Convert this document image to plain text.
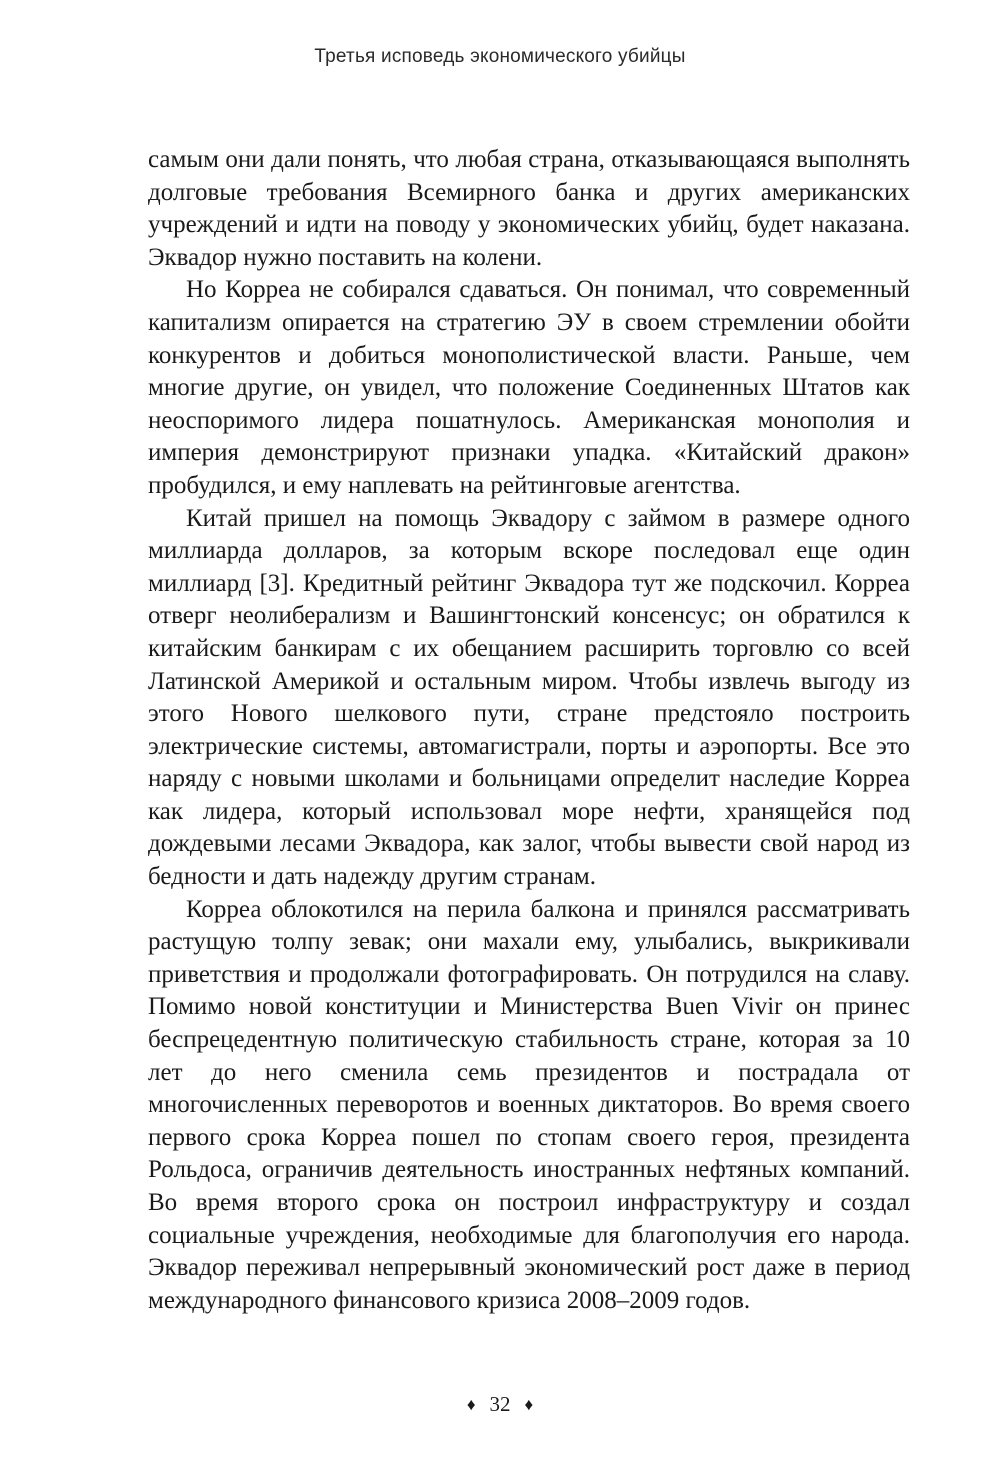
Третья исповедь экономического убийцы

самым они дали понять, что любая страна, отказывающаяся выполнять долговые требования Всемирного банка и других американских учреждений и идти на поводу у экономических убийц, будет наказана. Эквадор нужно поставить на колени.

Но Корреа не собирался сдаваться. Он понимал, что современный капитализм опирается на стратегию ЭУ в своем стремлении обойти конкурентов и добиться монополистической власти. Раньше, чем многие другие, он увидел, что положение Соединенных Штатов как неоспоримого лидера пошатнулось. Американская монополия и империя демонстрируют признаки упадка. «Китайский дракон» пробудился, и ему наплевать на рейтинговые агентства.

Китай пришел на помощь Эквадору с займом в размере одного миллиарда долларов, за которым вскоре последовал еще один миллиард [3]. Кредитный рейтинг Эквадора тут же подскочил. Корреа отверг неолиберализм и Вашингтонский консенсус; он обратился к китайским банкирам с их обещанием расширить торговлю со всей Латинской Америкой и остальным миром. Чтобы извлечь выгоду из этого Нового шелкового пути, стране предстояло построить электрические системы, автомагистрали, порты и аэропорты. Все это наряду с новыми школами и больницами определит наследие Корреа как лидера, который использовал море нефти, хранящейся под дождевыми лесами Эквадора, как залог, чтобы вывести свой народ из бедности и дать надежду другим странам.

Корреа облокотился на перила балкона и принялся рассматривать растущую толпу зевак; они махали ему, улыбались, выкрикивали приветствия и продолжали фотографировать. Он потрудился на славу. Помимо новой конституции и Министерства Buen Vivir он принес беспрецедентную политическую стабильность стране, которая за 10 лет до него сменила семь президентов и пострадала от многочисленных переворотов и военных диктаторов. Во время своего первого срока Корреа пошел по стопам своего героя, президента Рольдоса, ограничив деятельность иностранных нефтяных компаний. Во время второго срока он построил инфраструктуру и создал социальные учреждения, необходимые для благополучия его народа. Эквадор переживал непрерывный экономический рост даже в период международного финансового кризиса 2008–2009 годов.

♦ 32 ♦
